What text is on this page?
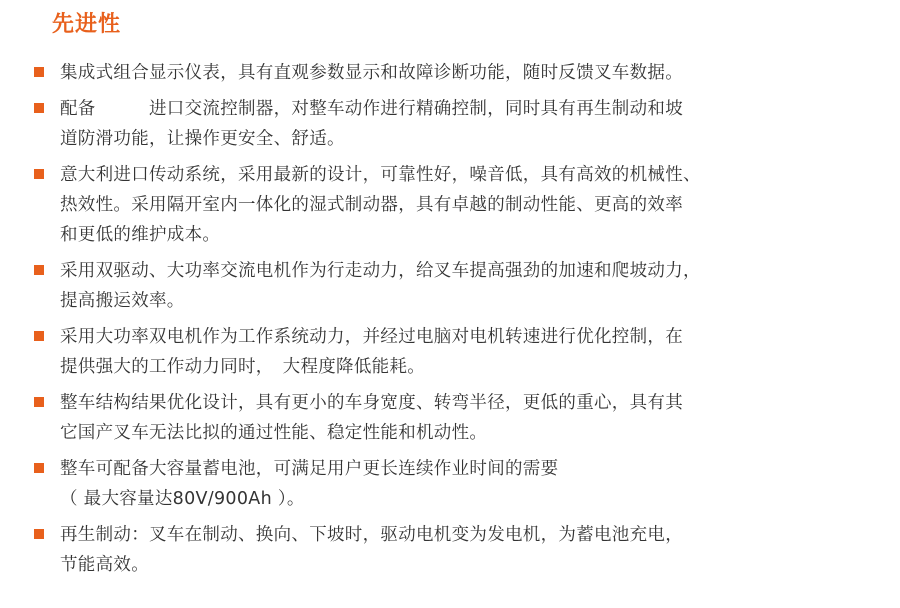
先进性
集成式组合显示仪表，具有直观参数显示和故障诊断功能，随时反馈叉车数据。
配备　　　进口交流控制器，对整车动作进行精确控制，同时具有再生制动和坡
道防滑功能，让操作更安全、舒适。
意大利进口传动系统，采用最新的设计，可靠性好，噪音低，具有高效的机械性、
热效性。采用隔开室内一体化的湿式制动器，具有卓越的制动性能、更高的效率
和更低的维护成本。
采用双驱动、大功率交流电机作为行走动力，给叉车提高强劲的加速和爬坡动力，
提高搬运效率。
采用大功率双电机作为工作系统动力，并经过电脑对电机转速进行优化控制，在
提供强大的工作动力同时，　大程度降低能耗。
整车结构结果优化设计，具有更小的车身宽度、转弯半径，更低的重心，具有其
它国产叉车无法比拟的通过性能、稳定性能和机动性。
整车可配备大容量蓄电池，可满足用户更长连续作业时间的需要
（ 最大容量达80V/900Ah ）。
再生制动：叉车在制动、换向、下坡时，驱动电机变为发电机，为蓄电池充电，
节能高效。
